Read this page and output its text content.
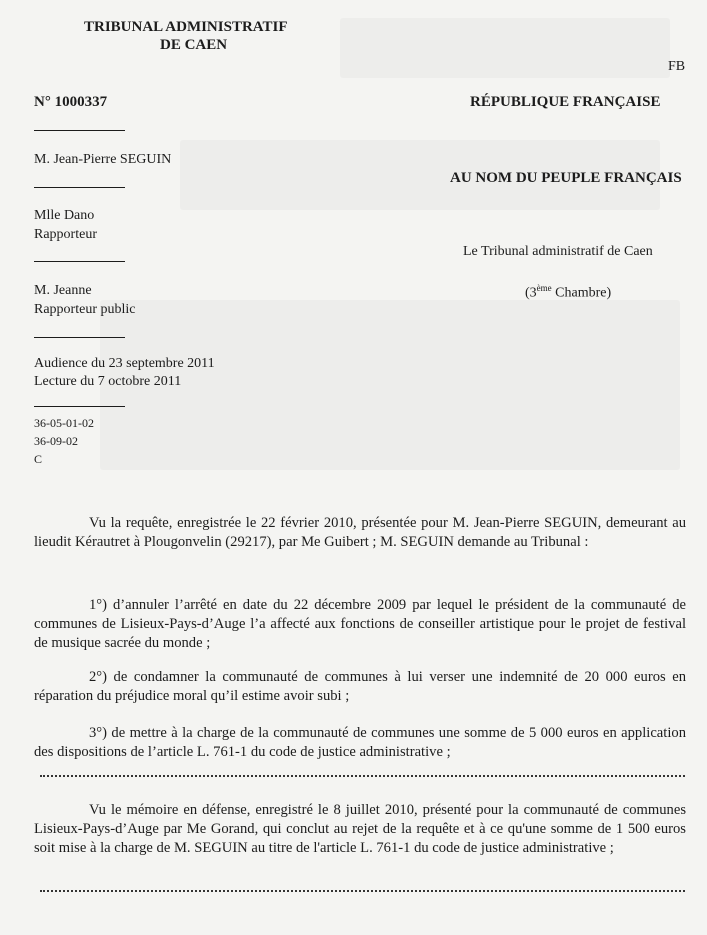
TRIBUNAL ADMINISTRATIF
DE CAEN
FB
N° 1000337	RÉPUBLIQUE FRANÇAISE
M. Jean-Pierre SEGUIN
AU NOM DU PEUPLE FRANÇAIS
Mlle Dano
Rapporteur
Le Tribunal administratif de Caen
M. Jeanne	(3ème Chambre)
Rapporteur public
Audience du 23 septembre 2011
Lecture du 7 octobre 2011
36-05-01-02
36-09-02
C
Vu la requête, enregistrée le 22 février 2010, présentée pour M. Jean-Pierre SEGUIN, demeurant au lieudit Kérautret à Plougonvelin (29217), par Me Guibert ; M. SEGUIN demande au Tribunal :
1°) d’annuler l’arrêté en date du 22 décembre 2009 par lequel le président de la communauté de communes de Lisieux-Pays-d’Auge l’a affecté aux fonctions de conseiller artistique pour le projet de festival de musique sacrée du monde ;
2°) de condamner la communauté de communes à lui verser une indemnité de 20 000 euros en réparation du préjudice moral qu’il estime avoir subi ;
3°) de mettre à la charge de la communauté de communes une somme de 5 000 euros en application des dispositions de l’article L. 761-1 du code de justice administrative ;
Vu le mémoire en défense, enregistré le 8 juillet 2010, présenté pour la communauté de communes Lisieux-Pays-d’Auge par Me Gorand, qui conclut au rejet de la requête et à ce qu'une somme de 1 500 euros soit mise à la charge de M. SEGUIN au titre de l'article L. 761-1 du code de justice administrative ;
